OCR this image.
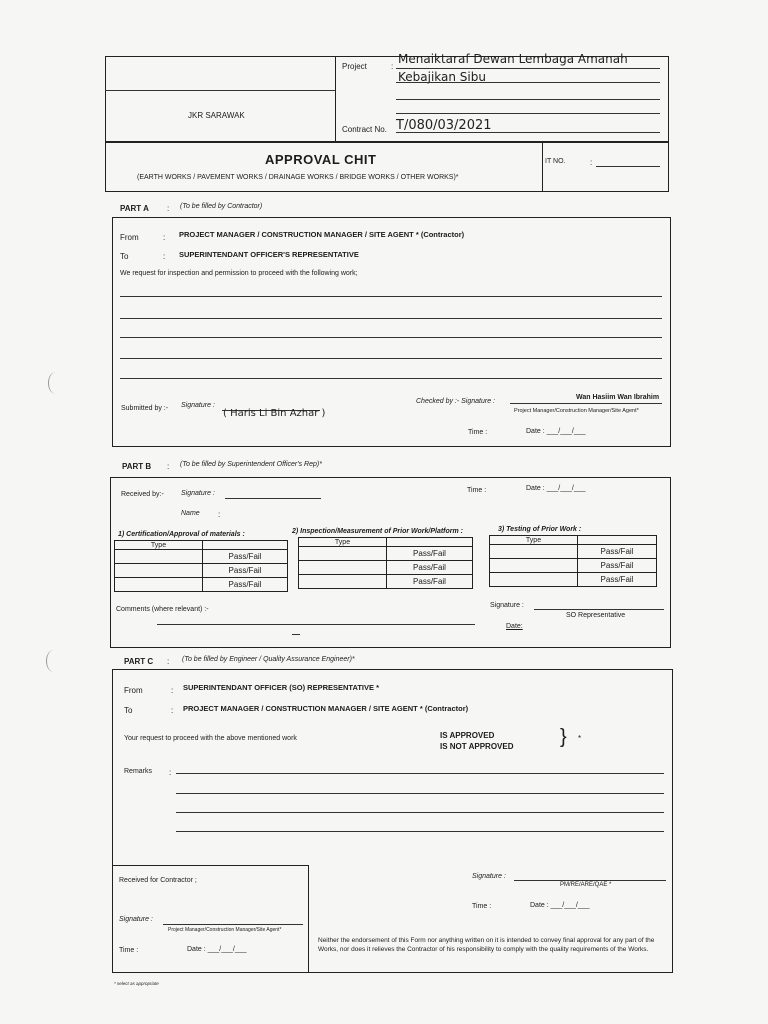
JKR SARAWAK
Project	:
Menaiktaraf Dewan Lembaga Amanah
Kebajikan Sibu
Contract No. T/080/03/2021
APPROVAL CHIT
(EARTH WORKS / PAVEMENT WORKS / DRAINAGE WORKS / BRIDGE WORKS / OTHER WORKS)*
IT NO.	:
PART A : (To be filled by Contractor)
From	: PROJECT MANAGER / CONSTRUCTION MANAGER / SITE AGENT * (Contractor)
To	: SUPERINTENDANT OFFICER'S REPRESENTATIVE
We request for inspection and permission to proceed with the following work;
Submitted by :- Signature :
( Haris Li Bin Azhar )
Checked by :- Signature :
Wan Hasiim Wan Ibrahim
Project Manager/Construction Manager/Site Agent*
Time :	Date : ___/___/___
PART B : (To be filled by Superintendent Officer's Rep)*
Received by:- Signature :
Name :
Time :	Date : ___/___/___
1) Certification/Approval of materials :
Type	
	Pass/Fail
	Pass/Fail
	Pass/Fail
2) Inspection/Measurement of Prior Work/Platform :
Type	
	Pass/Fail
	Pass/Fail
	Pass/Fail
3) Testing of Prior Work :
Type	
	Pass/Fail
	Pass/Fail
	Pass/Fail
Comments (where relevant) :-
Signature :
SO Representative
Date:
PART C : (To be filled by Engineer / Quality Assurance Engineer)*
From	: SUPERINTENDANT OFFICER (SO) REPRESENTATIVE *
To	: PROJECT MANAGER / CONSTRUCTION MANAGER / SITE AGENT * (Contractor)
Your request to proceed with the above mentioned work	IS APPROVED
IS NOT APPROVED } *
Remarks :
Received for Contractor ;
Signature :
Project Manager/Construction Manager/Site Agent*
Time :	Date : ___/___/___
Signature :
PM/RE/ARE/QAE *
Time :	Date : ___/___/___
Neither the endorsement of this Form nor anything written on it is intended to convey final approval for any part of the Works, nor does it relieves the Contractor of his responsibility to comply with the quality requirements of the Works.
* select as appropriate
